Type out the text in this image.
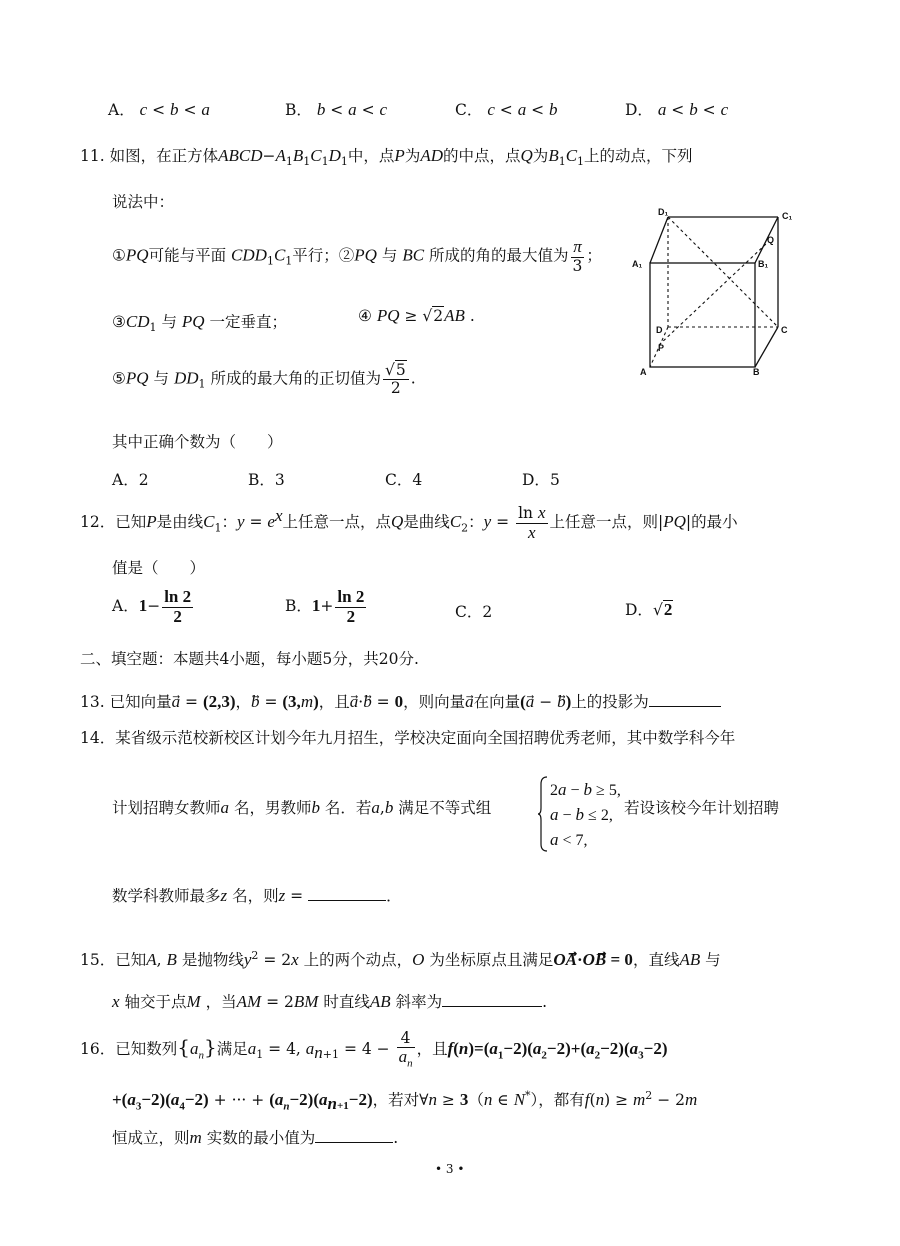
A． c < b < a	B． b < a < c	C． c < a < b	D． a < b < c
11. 如图，在正方体$ABCD-A_1B_1C_1D_1$中，点P为AD的中点，点Q为$B_1C_1$上的动点，下列
说法中：
①PQ可能与平面 $CDD_1C_1$平行；②PQ 与 BC 所成的角的最大值为 $\frac{\pi}{3}$ ；
$③CD_1$ 与 PQ 一定垂直；	④ PQ ≥ √2AB .
⑤PQ 与 $DD_1$ 所成的最大角的正切值为 $\frac{√5}{2}$ .
其中正确个数为（　　）
A．2	B．3	C．4	D．5
D₁	C₁
A₁	B₁
Q
D	C
P
A	B
12．已知P是由线$C_1$：$y = e^x$上任意一点，点Q是曲线$C_2$：$y = \frac{\text{ln x}}{x}$ 上任意一点，则|PQ|的最小
值是（　　）
A．$1- \frac{\ln 2}{2}$	B．$1+ \frac{\ln 2}{2}$	C．2	D．√2
二、填空题：本题共4小题，每小题5分，共20分.
13. 已知向量a⃗ = (2,3)，b⃗ = (3,m)，且a⃗·b⃗ = 0，则向量a在向量(a⃗ − b)上的投影为
14．某省级示范校新校区计划今年九月招生，学校决定面向全国招聘优秀老师，其中数学科今年
计划招聘女教师a 名，男教师b 名．若a,b 满足不等式组
2a − b ≥ 5,
a − b ≤ 2,
a < 7,
若设该校今年计划招聘
数学科教师最多z 名，则z =	．
15．已知A, B 是抛物线$y^2 = 2x$ 上的两个动点，O 为坐标原点且满足OA⃗·OB⃗ = 0，直线AB 与
x 轴交于点M ，当AM = 2BM 时直线AB 斜率为	.
16．已知数列$\{a_n\}$满足$a_1 = 4$, $a_{n+1} = 4 - \frac{4}{a_n}$ ，且$f(n)=(a_1-2)(a_2-2)+(a_2-2)(a_3-2)$
$+(a_3-2)(a_4-2)$ + ··· + $(a_n-2)(a_{n+1}-2)$，若对∀n ≥ 3（n ∈ N*），都有$f(n) \ge m^2 - 2m$
恒成立，则m 实数的最小值为	.
• 3 •
